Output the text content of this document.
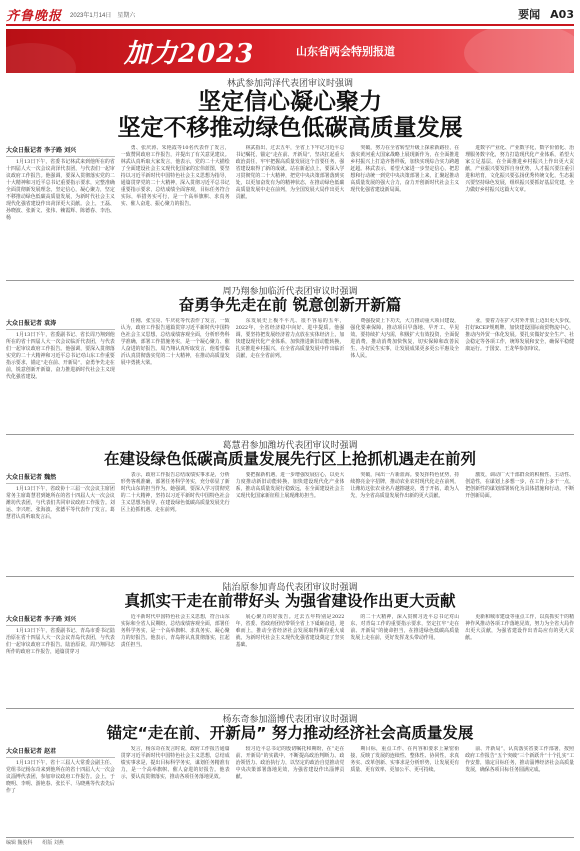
齐鲁晚报 2023年1月14日 星期六	要闻 A03
加力2023	山东省两会特别报道
林武参加菏泽代表团审议时强调
坚定信心凝心聚力
坚定不移推动绿色低碳高质量发展
大众日报记者 李子路 刘兴

1月13日下午，省委书记林武来到他所在的省十四届人大一次会议菏泽代表团，与代表们一起审议政府工作报告。他强调，要深入贯彻落实党的二十大精神和习近平总书记重要指示要求，完整准确全面贯彻新发展理念，坚定信心，凝心聚力，坚定不移推动绿色低碳高质量发展，为新时代社会主义现代化强省建设作出菏泽更大贡献。会上，王磊、孙晓波、张新文、张伟、赖霞辉、陈德春、李治、杨

勇、张庆涛、朱艳霞等10名代表作了发言，一致赞同政府工作报告，并提出了有关意见建议。林武认真听取大家发言，他表示，党的二十大描绘了全面建设社会主义现代化国家的宏伟蓝图，要坚持以习近平新时代中国特色社会主义思想为指导，通篇贯穿党的二十大精神，深入贯彻习近平总书记重要指示要求，总结成绩全面客观，目标任务符合实际，举措务实可行，是一个高举旗帜、求真务实、催人奋进、振心聚力的报告。

林武指出，过去五年，全省上下牢记习近平总书记嘱托，锚定“走在前、开新局”，坚决扛起重大政治责任，牢牢把握高质量发展这个首要任务，强省建设取得了新的成就。站在新起点上，要深入学习贯彻党的二十大精神，把党中央决策部署落到实处，以更加奋发有为的精神状态，在推动绿色低碳高质量发展中走在前列，为全国发展大局作出更大贡献。

突破，努力在全省转型升级上探索新路径，在落实黄河重大国家战略上展现新作为，在全面推进乡村振兴上打造齐鲁样板，加快实现综合实力跨越赶超。林武表示，希望大家进一步坚定信心，把思想和行动统一到党中央决策部署上来，汇聚起推动高质量发展的强大合力，奋力开创新时代社会主义现代化强省建设新局面。

进数字产业化、产业数字化，数字价值化、治理服务数字化，努力打造现代化产业体系，希望大家立足基层，在全面推进乡村振兴上作出更大贡献，产业振兴要发挥自身优势，人才振兴要注重引进和培育，文化振兴要弘扬优秀传统文化，生态振兴要坚持绿色发展，组织振兴要抓好基层党建，全力做好乡村振兴这篇大文章。

周乃翔参加临沂代表团审议时强调
奋勇争先走在前 锐意创新开新篇
大众日报记者 袁涛

1月13日下午，省委副书记、省长周乃翔到他所在的省十四届人大一次会议临沂代表团，与代表们一起审议政府工作报告。他强调，要深入贯彻落实党的二十大精神和习近平总书记对山东工作重要指示要求，锚定“走在前、开新局”，奋勇争先走在前，锐意创新开新篇，奋力推进新时代社会主义现代化强省建设。

任刚、张宝亮、牛庆花等代表作了发言，一致认为，政府工作报告通篇贯穿习近平新时代中国特色社会主义思想，总结成绩客观全面，分析形势科学准确，部署工作措施务实，是一个凝心聚力、催人奋进的好报告。周乃翔认真听取发言，他希望临沂认真贯彻落实党的二十大精神，在推动高质量发展中勇挑大梁。

东发展史上极不平凡、很不容易的五年，2022年，全省经济稳中向好、进中提质。他强调，要坚持把发展经济着力点放在实体经济上，加快建设现代化产业体系，加快推进新旧动能转换，扎实推进乡村振兴，在全省高质量发展中作出临沂贡献，走在全省前列。

费强投资上下功夫，大力推动重大项目建设，强化要素保障，推动项目早落地、早开工、早见效。要持续扩大内需，积极扩大有效投资，全面促进消费，推动消费加快恢复，切实保障和改善民生，办好民生实事，让发展成果更多更公平惠及全体人民。

业，要着力在扩大对外开放上迈出更大步伐，打好RCEP规则牌，加快建设国际商贸物流中心，推动内外贸一体化发展。要扎实做好安全生产、社会稳定等各项工作，统筹发展和安全，确保平稳健康运行。于国安、王龙华参加审议。

葛慧君参加潍坊代表团审议时强调
在建设绿色低碳高质量发展先行区上抢抓机遇走在前列
大众日报记者 魏然

1月13日下午，省政协十三届一次会议主席团常务主席葛慧君到她所在的省十四届人大一次会议潍坊代表团，与代表们共同审议政府工作报告。刘运、李兴旺、张海波、张德平等代表作了发言。葛慧君认真听取发言后，

表示，政府工作报告总结成绩实事求是，分析形势客观准确，部署任务科学务实，充分彰显了新时代山东的担当作为。她强调，要深入学习贯彻党的二十大精神，坚持以习近平新时代中国特色社会主义思想为指导，在建设绿色低碳高质量发展先行区上抢抓机遇、走在前列。

要把握新机遇，进一步增强发展信心，以更大力度推动新旧动能转换，加快建设现代化产业体系，推动高质量发展行稳致远，在全面建设社会主义现代化国家新征程上展现潍坊担当。

突破，闯出一片新蓝海。要发挥特色优势，持续擦亮金字招牌，推动农业农村现代化走在前列，让潍坊这张农业名片越擦越亮，勇于开拓，敢为人先，为全省高质量发展作出新的更大贡献。

激发，调动广大干部群众的积极性、主动性、创造性，在谋划上多想一步，在工作上多干一点，把创新性的谋划部署转化为具体措施和行动，不断开创新局面。

陆治原参加青岛代表团审议时强调
真抓实干走在前带好头 为强省建设作出更大贡献
大众日报记者 李子路 刘兴

1月13日下午，省委副书记、青岛市委书记陆治原在省十四届人大一次会议青岛代表团，与代表们一起审议政府工作报告。陆治原说，周乃翔同志所作的政府工作报告，通篇贯穿习

近平新时代中国特色社会主义思想，符合山东实际和全省人民期盼，总结成绩客观全面，部署任务科学务实，是一个高举旗帜、求真务实、凝心聚力的好报告。他表示，青岛将认真贯彻落实，扛起责任担当。

展心聚力的好报告。过去五年特别是2022年，省委、省政府团结带领全省上下砥砺奋进，迎难而上，推动全省经济社会发展取得新的重大成就，为新时代社会主义现代化强省建设奠定了坚实基础。

的二十大精神，深入贯彻习近平总书记对山东、对青岛工作的重要指示要求，坚定扛牢“走在前、开新局”的使命担当，在推进绿色低碳高质量发展上走在前，更好发挥龙头带动作用。

更新和城市建设等重点工作，以真抓实干的精神作风推动各项工作落地见效，努力为全省大局作出更大贡献，为强省建设作出青岛应有的更大贡献。

杨东奇参加淄博代表团审议时强调
锚定“走在前、开新局” 努力推动经济社会高质量发展
大众日报记者 赵君

1月13日下午，省十三届人大常委会副主任、党组书记杨东奇来到他所在的省十四届人大一次会议淄博代表团，参加审议政府工作报告。会上，于晓明、李明、游艳春、张长平、马晓燕等代表先后作了

发言，杨东奇在发言时说，政府工作报告通篇贯穿习近平新时代中国特色社会主义思想，总结成绩实事求是，提出目标科学务实，谋划任务精准有力，是一个高举旗帜、催人奋进的好报告。他表示，要认真贯彻落实，推动各项任务落地见效。

较习近平总书记的殷切嘱托和期盼，在“走在前、开新局”的实践中，不断提高政治判断力、政治领悟力、政治执行力，以坚定的政治自觉推动党中央决策部署落地见效，为强省建设作出淄博贡献。

期目标，重点工作、在内容和要求上紧密衔接，反映了发展的连续性、整体性、协同性，求真务实、改革创新、实事求是分析形势，让发展更有质量、更有效率、更加公平、更可持续。

前、开新局”，认真落实省委工作部署，按照政府工作报告“五个突破”三个新跃升“十个扎实”工作安排，锚定目标任务，推动淄博经济社会高质量发展，确保各项目标任务圆满完成。

编辑 魏俊科 组版 刘燕
